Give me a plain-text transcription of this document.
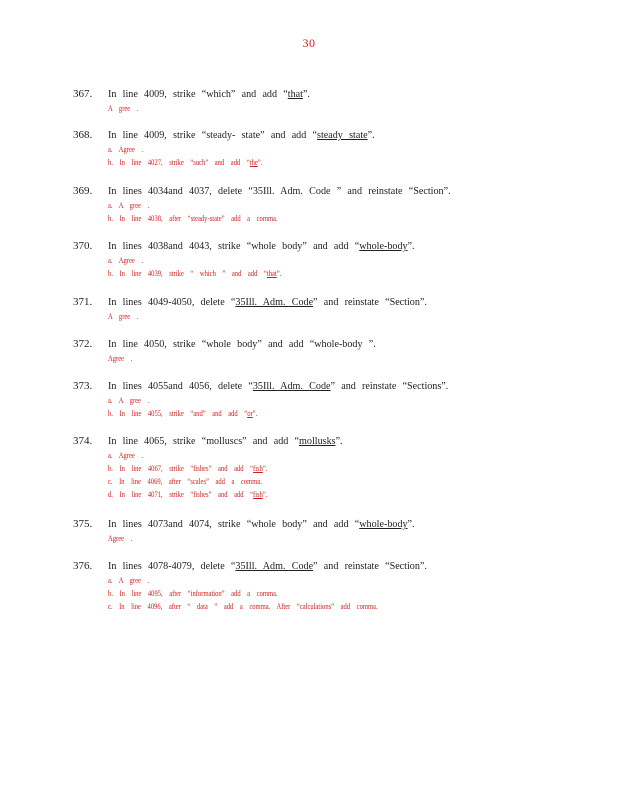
30
367. In line 4009, strike “which” and add “that”.
A gree .
368. In line 4009, strike “steady- state” and add “steady state”.
a. Agree .
b. In line 4027, strike “such” and add “the”.
369. In lines 4034and 4037, delete “35Ill. Adm. Code ” and reinstate “Section”.
a. A gree .
b. In line 4038, after “steady-state” add a comma.
370. In lines 4038and 4043, strike “whole body” and add “whole-body”.
a. Agree .
b. In line 4039, strike “ which ” and add “that”.
371. In lines 4049-4050, delete “35Ill. Adm. Code” and reinstate “Section”.
A gree .
372. In line 4050, strike “whole body” and add “whole-body ”.
Agree .
373. In lines 4055and 4056, delete “35Ill. Adm. Code” and reinstate “Sections”.
a. A gree .
b. In line 4055, strike “and” and add “or”.
374. In line 4065, strike “molluscs” and add “mollusks”.
a. Agree .
b. In line 4067, strike “fishes” and add “fish”.
c. In line 4069, after “scales” add a comma.
d. In line 4071, strike “fishes” and add “fish”.
375. In lines 4073and 4074, strike “whole body” and add “whole-body”.
Agree .
376. In lines 4078-4079, delete “35Ill. Adm. Code” and reinstate “Section”.
a. A gree .
b. In line 4095, after “information” add a comma.
c. In line 4096, after “ data ” add a comma. After “calculations” add comma.
